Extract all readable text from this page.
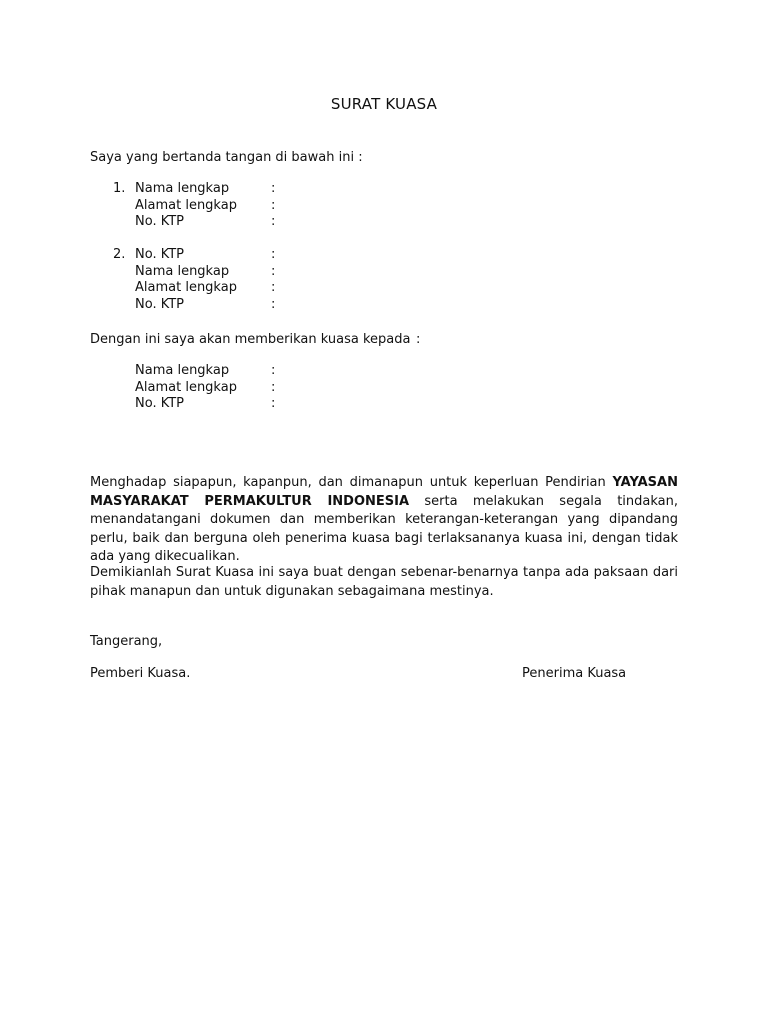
SURAT KUASA
Saya yang bertanda tangan di bawah ini :
1. Nama lengkap	:
Alamat lengkap	:
No. KTP	:
2. No. KTP	:
Nama lengkap	:
Alamat lengkap	:
No. KTP	:
Dengan ini saya akan memberikan kuasa kepada :
Nama lengkap	:
Alamat lengkap	:
No. KTP	:
Menghadap siapapun, kapanpun, dan dimanapun untuk keperluan Pendirian YAYASAN MASYARAKAT PERMAKULTUR INDONESIA serta melakukan segala tindakan, menandatangani dokumen dan memberikan keterangan-keterangan yang dipandang perlu, baik dan berguna oleh penerima kuasa bagi terlaksananya kuasa ini, dengan tidak ada yang dikecualikan.
Demikianlah Surat Kuasa ini saya buat dengan sebenar-benarnya tanpa ada paksaan dari pihak manapun dan untuk digunakan sebagaimana mestinya.
Tangerang,
Pemberi Kuasa.	Penerima Kuasa
